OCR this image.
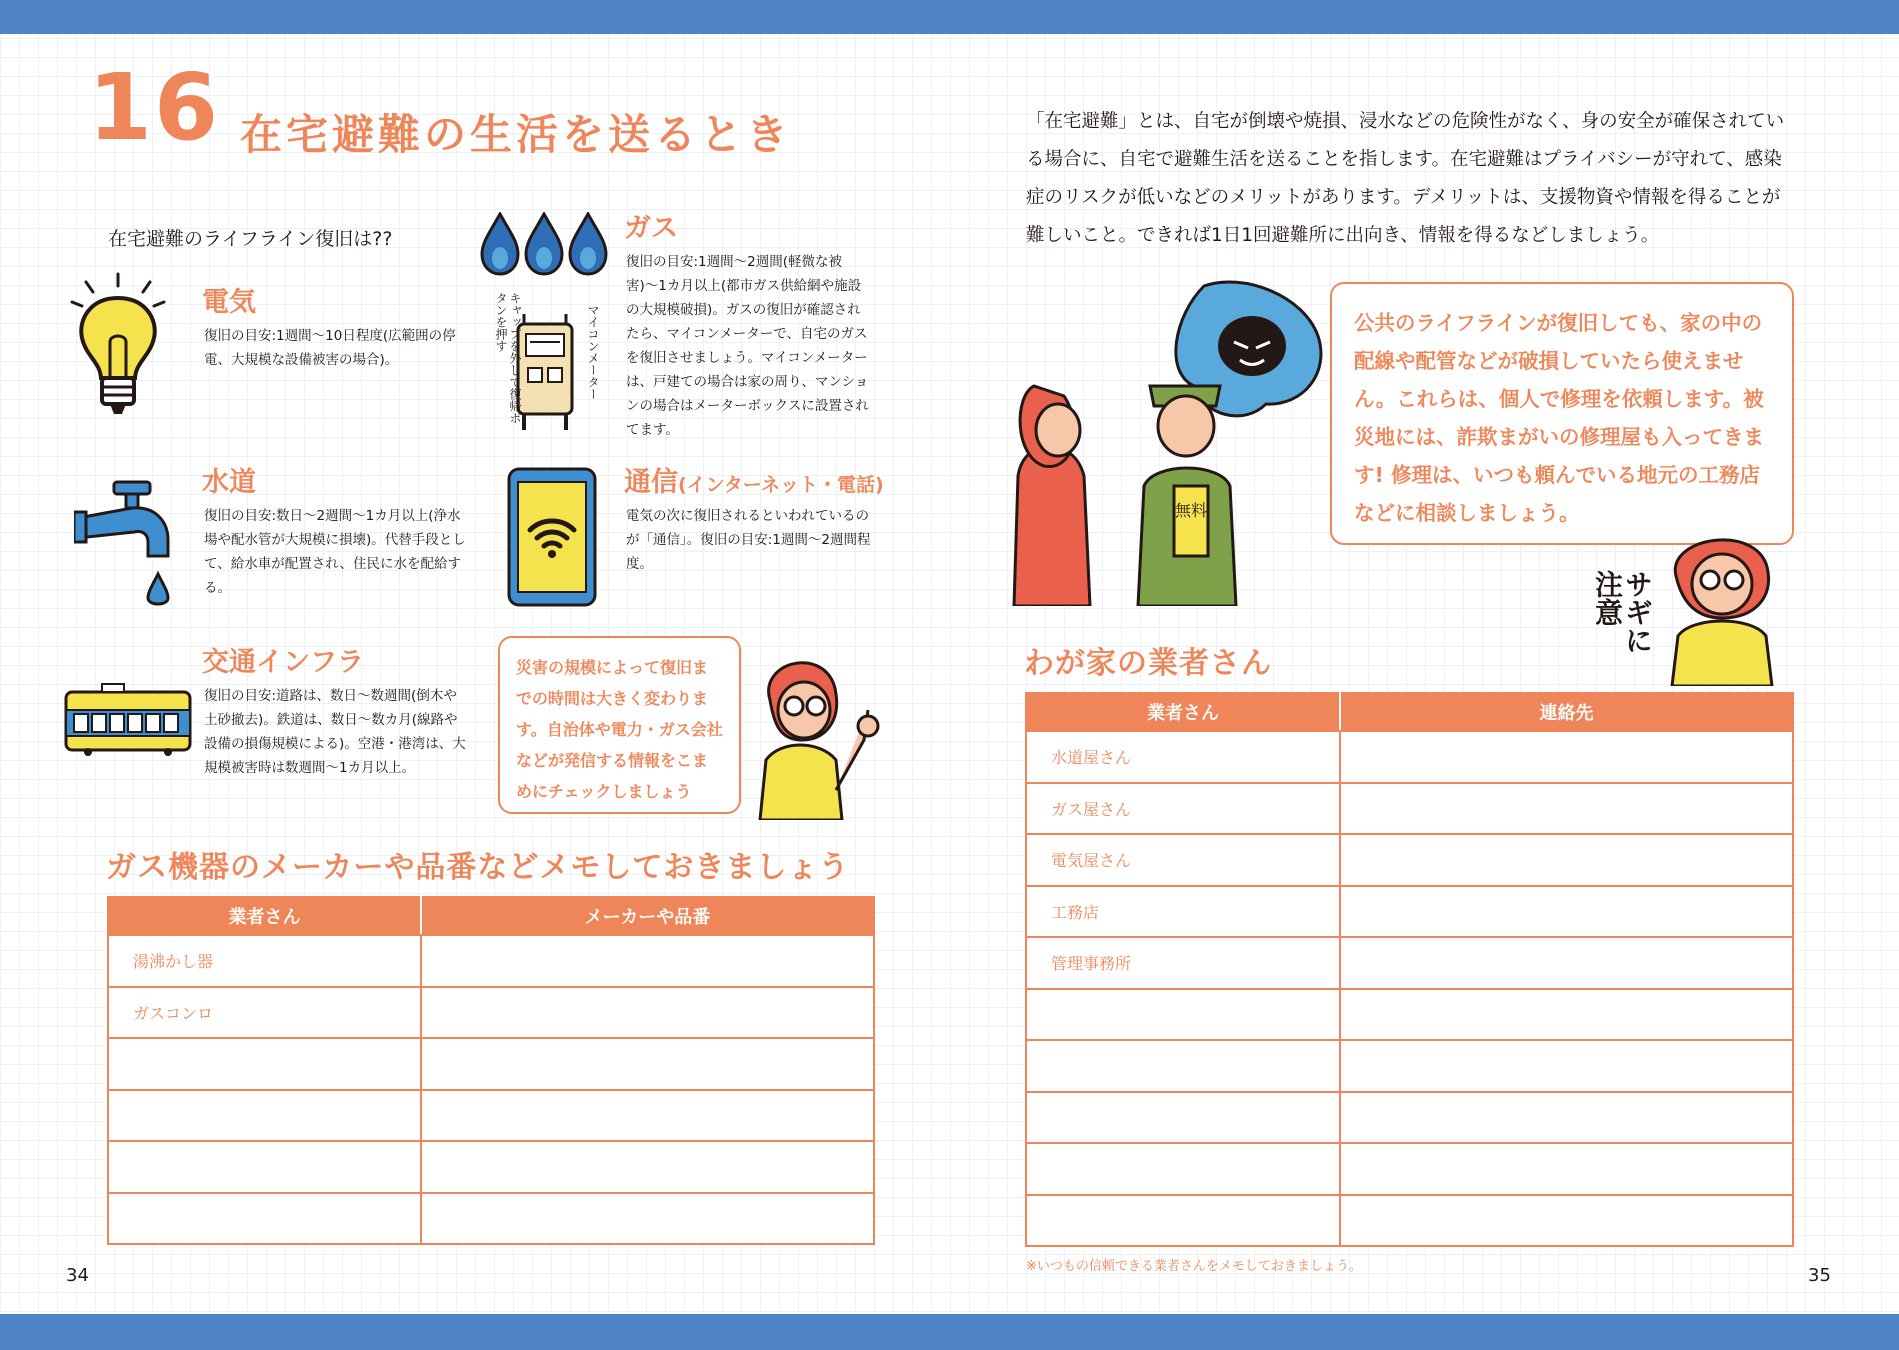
16 在宅避難の生活を送るとき
在宅避難のライフライン復旧は??
電気
復旧の目安:1週間〜10日程度(広範囲の停電、大規模な設備被害の場合)。
水道
復旧の目安:数日〜2週間〜1カ月以上(浄水場や配水管が大規模に損壊)。代替手段として、給水車が配置され、住民に水を配給する。
交通インフラ
復旧の目安:道路は、数日〜数週間(倒木や土砂撤去)。鉄道は、数日〜数カ月(線路や設備の損傷規模による)。空港・港湾は、大規模被害時は数週間〜1カ月以上。
キャップを外して復帰ボタンを押す	マイコンメーター
ガス
復旧の目安:1週間〜2週間(軽微な被害)〜1カ月以上(都市ガス供給網や施設の大規模破損)。ガスの復旧が確認されたら、マイコンメーターで、自宅のガスを復旧させましょう。マイコンメーターは、戸建ての場合は家の周り、マンションの場合はメーターボックスに設置されてます。
通信(インターネット・電話)
電気の次に復旧されるといわれているのが「通信」。復旧の目安:1週間〜2週間程度。
災害の規模によって復旧までの時間は大きく変わります。自治体や電力・ガス会社などが発信する情報をこまめにチェックしましょう
ガス機器のメーカーや品番などメモしておきましょう
業者さん	メーカーや品番
湯沸かし器	
ガスコンロ	

34
「在宅避難」とは、自宅が倒壊や焼損、浸水などの危険性がなく、身の安全が確保されている場合に、自宅で避難生活を送ることを指します。在宅避難はプライバシーが守れて、感染症のリスクが低いなどのメリットがあります。デメリットは、支援物資や情報を得ることが難しいこと。できれば1日1回避難所に出向き、情報を得るなどしましょう。
無料
公共のライフラインが復旧しても、家の中の配線や配管などが破損していたら使えません。これらは、個人で修理を依頼します。被災地には、詐欺まがいの修理屋も入ってきます! 修理は、いつも頼んでいる地元の工務店などに相談しましょう。
サギに注意
わが家の業者さん
業者さん	連絡先
水道屋さん	
ガス屋さん	
電気屋さん	
工務店	
管理事務所	

※いつもの信頼できる業者さんをメモしておきましょう。	35
